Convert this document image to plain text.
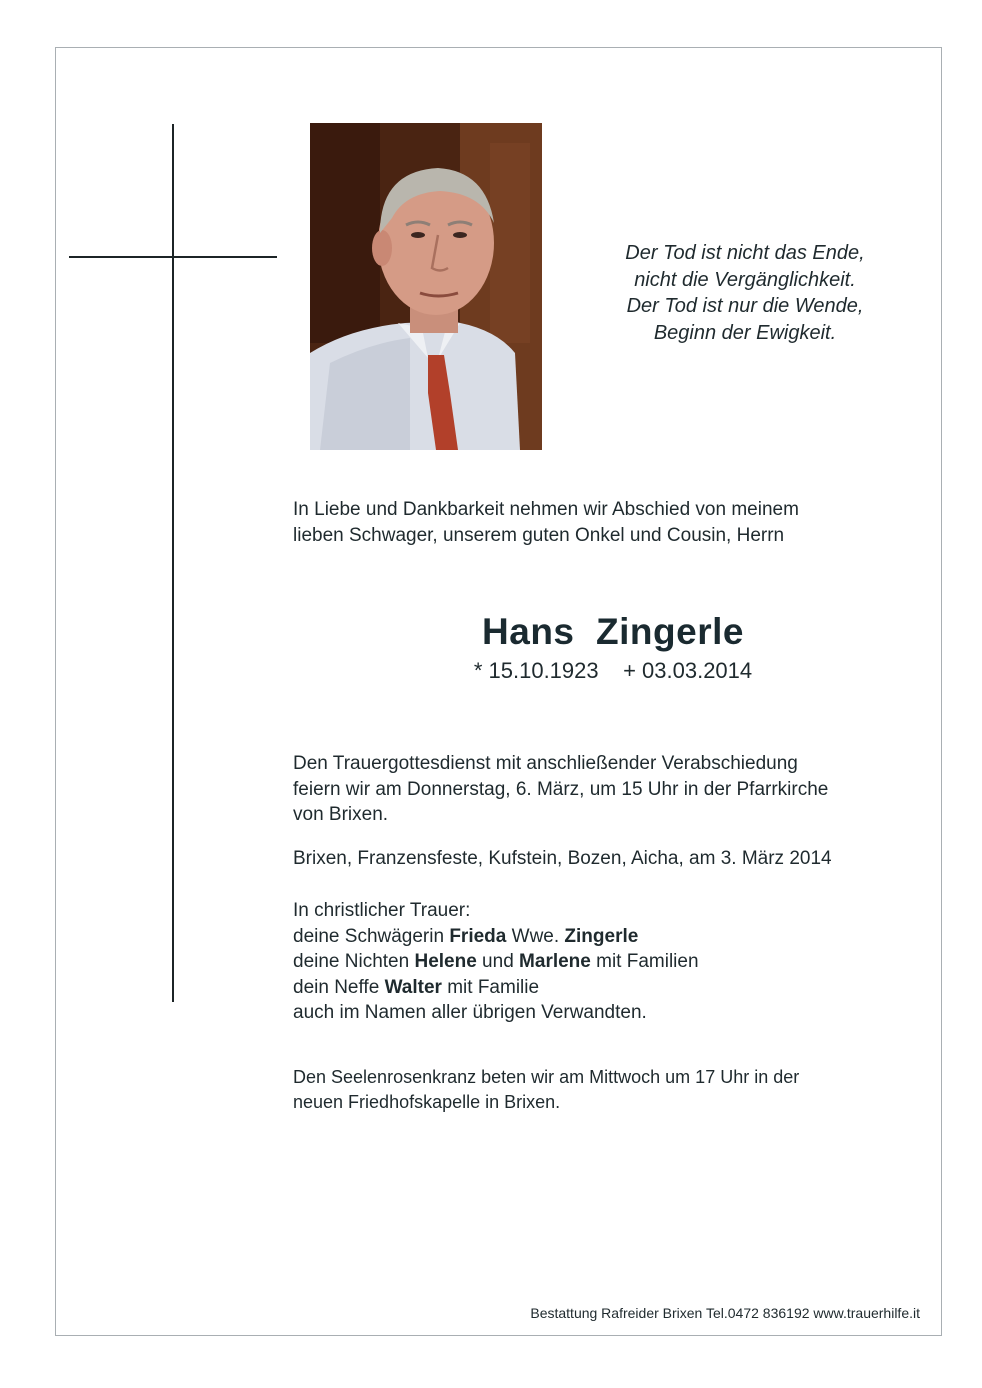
Der Tod ist nicht das Ende,
nicht die Vergänglichkeit.
Der Tod ist nur die Wende,
Beginn der Ewigkeit.
In Liebe und Dankbarkeit nehmen wir Abschied von meinem
lieben Schwager, unserem guten Onkel und Cousin, Herrn
Hans  Zingerle
* 15.10.1923    + 03.03.2014
Den Trauergottesdienst mit anschließender Verabschiedung
feiern wir am Donnerstag, 6. März, um 15 Uhr in der Pfarrkirche
von Brixen.
Brixen, Franzensfeste, Kufstein, Bozen, Aicha, am 3. März 2014
In christlicher Trauer:
deine Schwägerin Frieda Wwe. Zingerle
deine Nichten Helene und Marlene mit Familien
dein Neffe Walter mit Familie
auch im Namen aller übrigen Verwandten.
Den Seelenrosenkranz beten wir am Mittwoch um 17 Uhr in der
neuen Friedhofskapelle in Brixen.
Bestattung Rafreider Brixen Tel.0472 836192 www.trauerhilfe.it
